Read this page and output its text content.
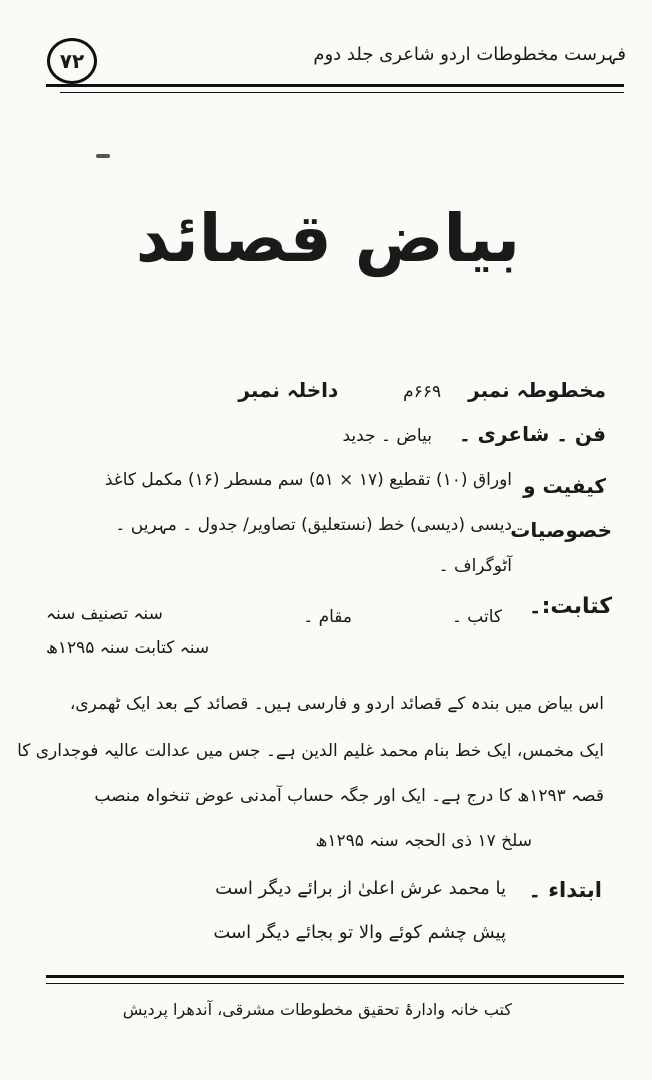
۷۲	فہرست مخطوطات اردو شاعری جلد دوم
بیاض قصائد
مخطوطہ نمبر     ۶۶۹م            داخلہ نمبر
فن ۔ شاعری ۔     بیاض ۔ جدید
کیفیت و
خصوصیات
اوراق (۱۰) تقطیع (۱۷ × ۵۱) سم مسطر (۱۶) مکمل کاغذ
دیسی (دیسی) خط (نستعلیق) تصاویر/ جدول ۔ مہریں ۔
آٹوگراف ۔
کتابت:۔
کاتب ۔
مقام ۔
سنہ تصنیف سنہ
سنہ کتابت سنہ ۱۲۹۵ھ
اس بیاض میں بندہ کے قصائد اردو و فارسی ہیں۔ قصائد کے بعد ایک ٹھمری،
ایک مخمس، ایک خط بنام محمد غلیم الدین ہے۔ جس میں عدالت عالیہ فوجداری کا
قصہ ۱۲۹۳ھ کا درج ہے۔ ایک اور جگہ حساب آمدنی عوض تنخواہ منصب
سلخ ۱۷ ذی الحجہ سنہ ۱۲۹۵ھ
ابتداء ۔
یا محمد عرش اعلیٰ از برائے دیگر است
پیش چشم کوئے والا تو بجائے دیگر است
کتب خانہ وادارۂ تحقیق مخطوطات مشرقی، آندھرا پردیش
